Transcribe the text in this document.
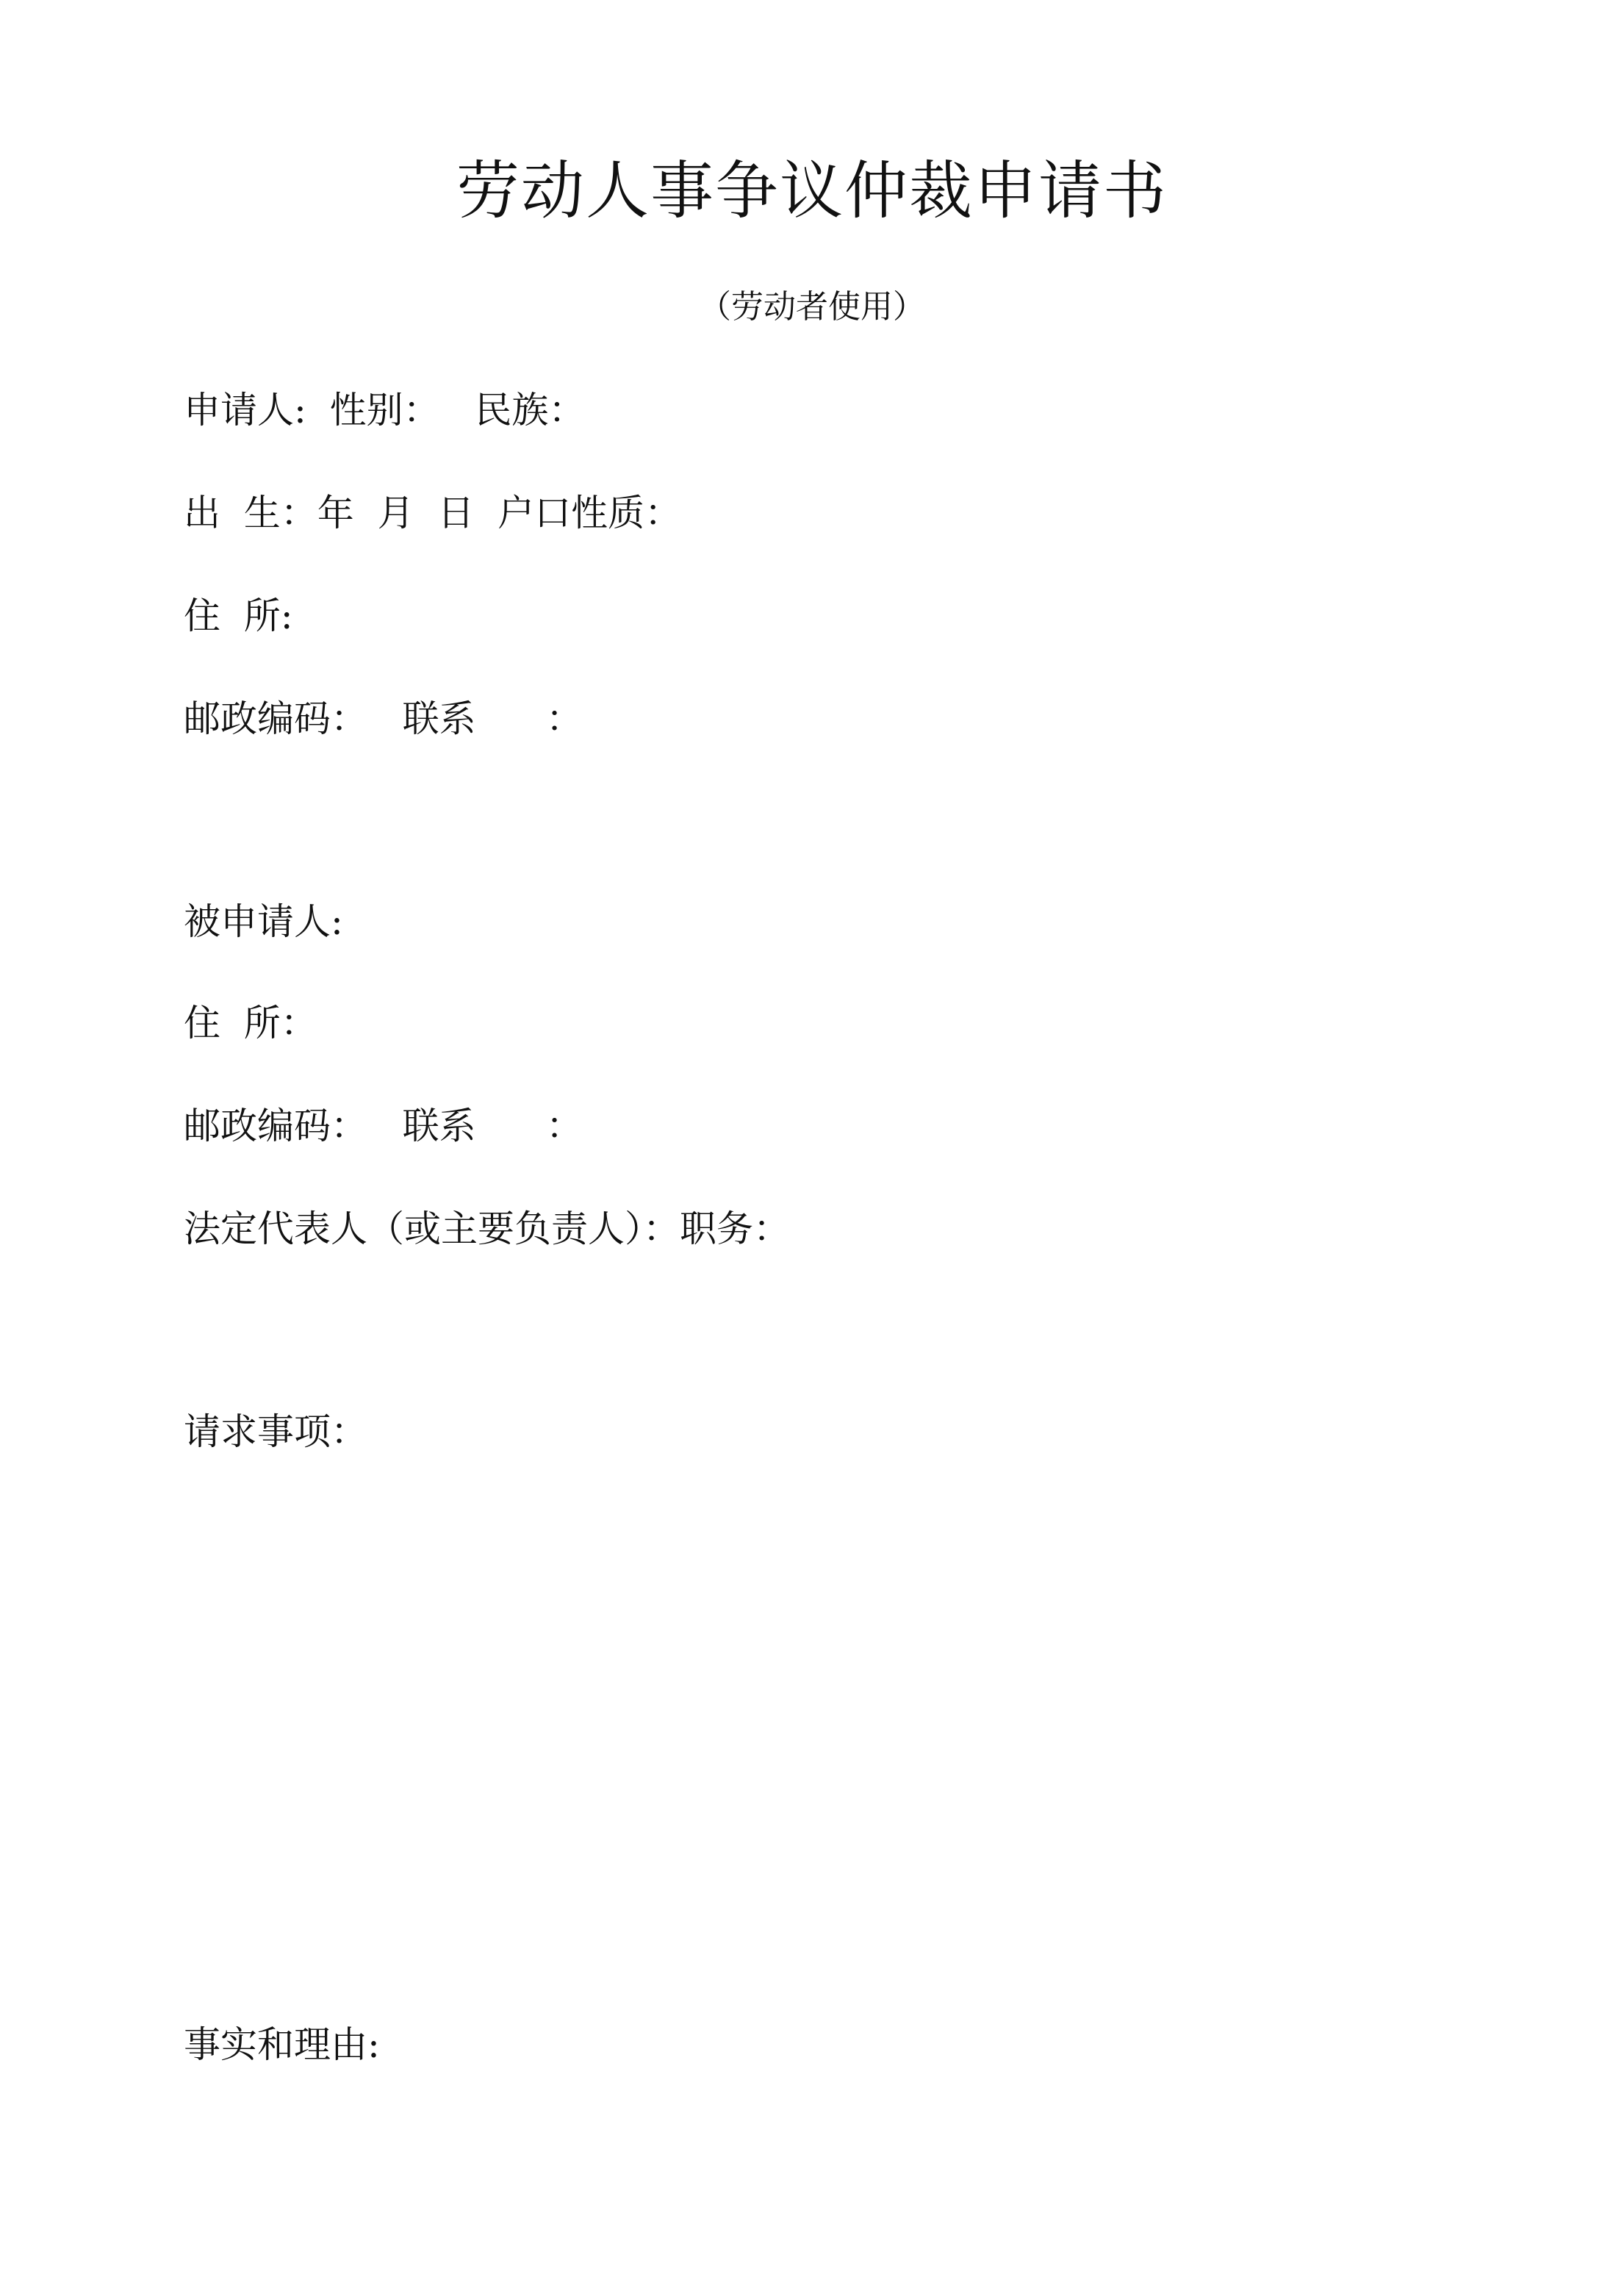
劳动人事争议仲裁申请书

（劳动者使用）

申请人:  性别：   民族：

出  生：年  月  日  户口性质：

住  所:

邮政编码：   联系      ：

被申请人:

住  所：

邮政编码：   联系      ：

法定代表人（或主要负责人）：职务：

请求事项：

事实和理由:
